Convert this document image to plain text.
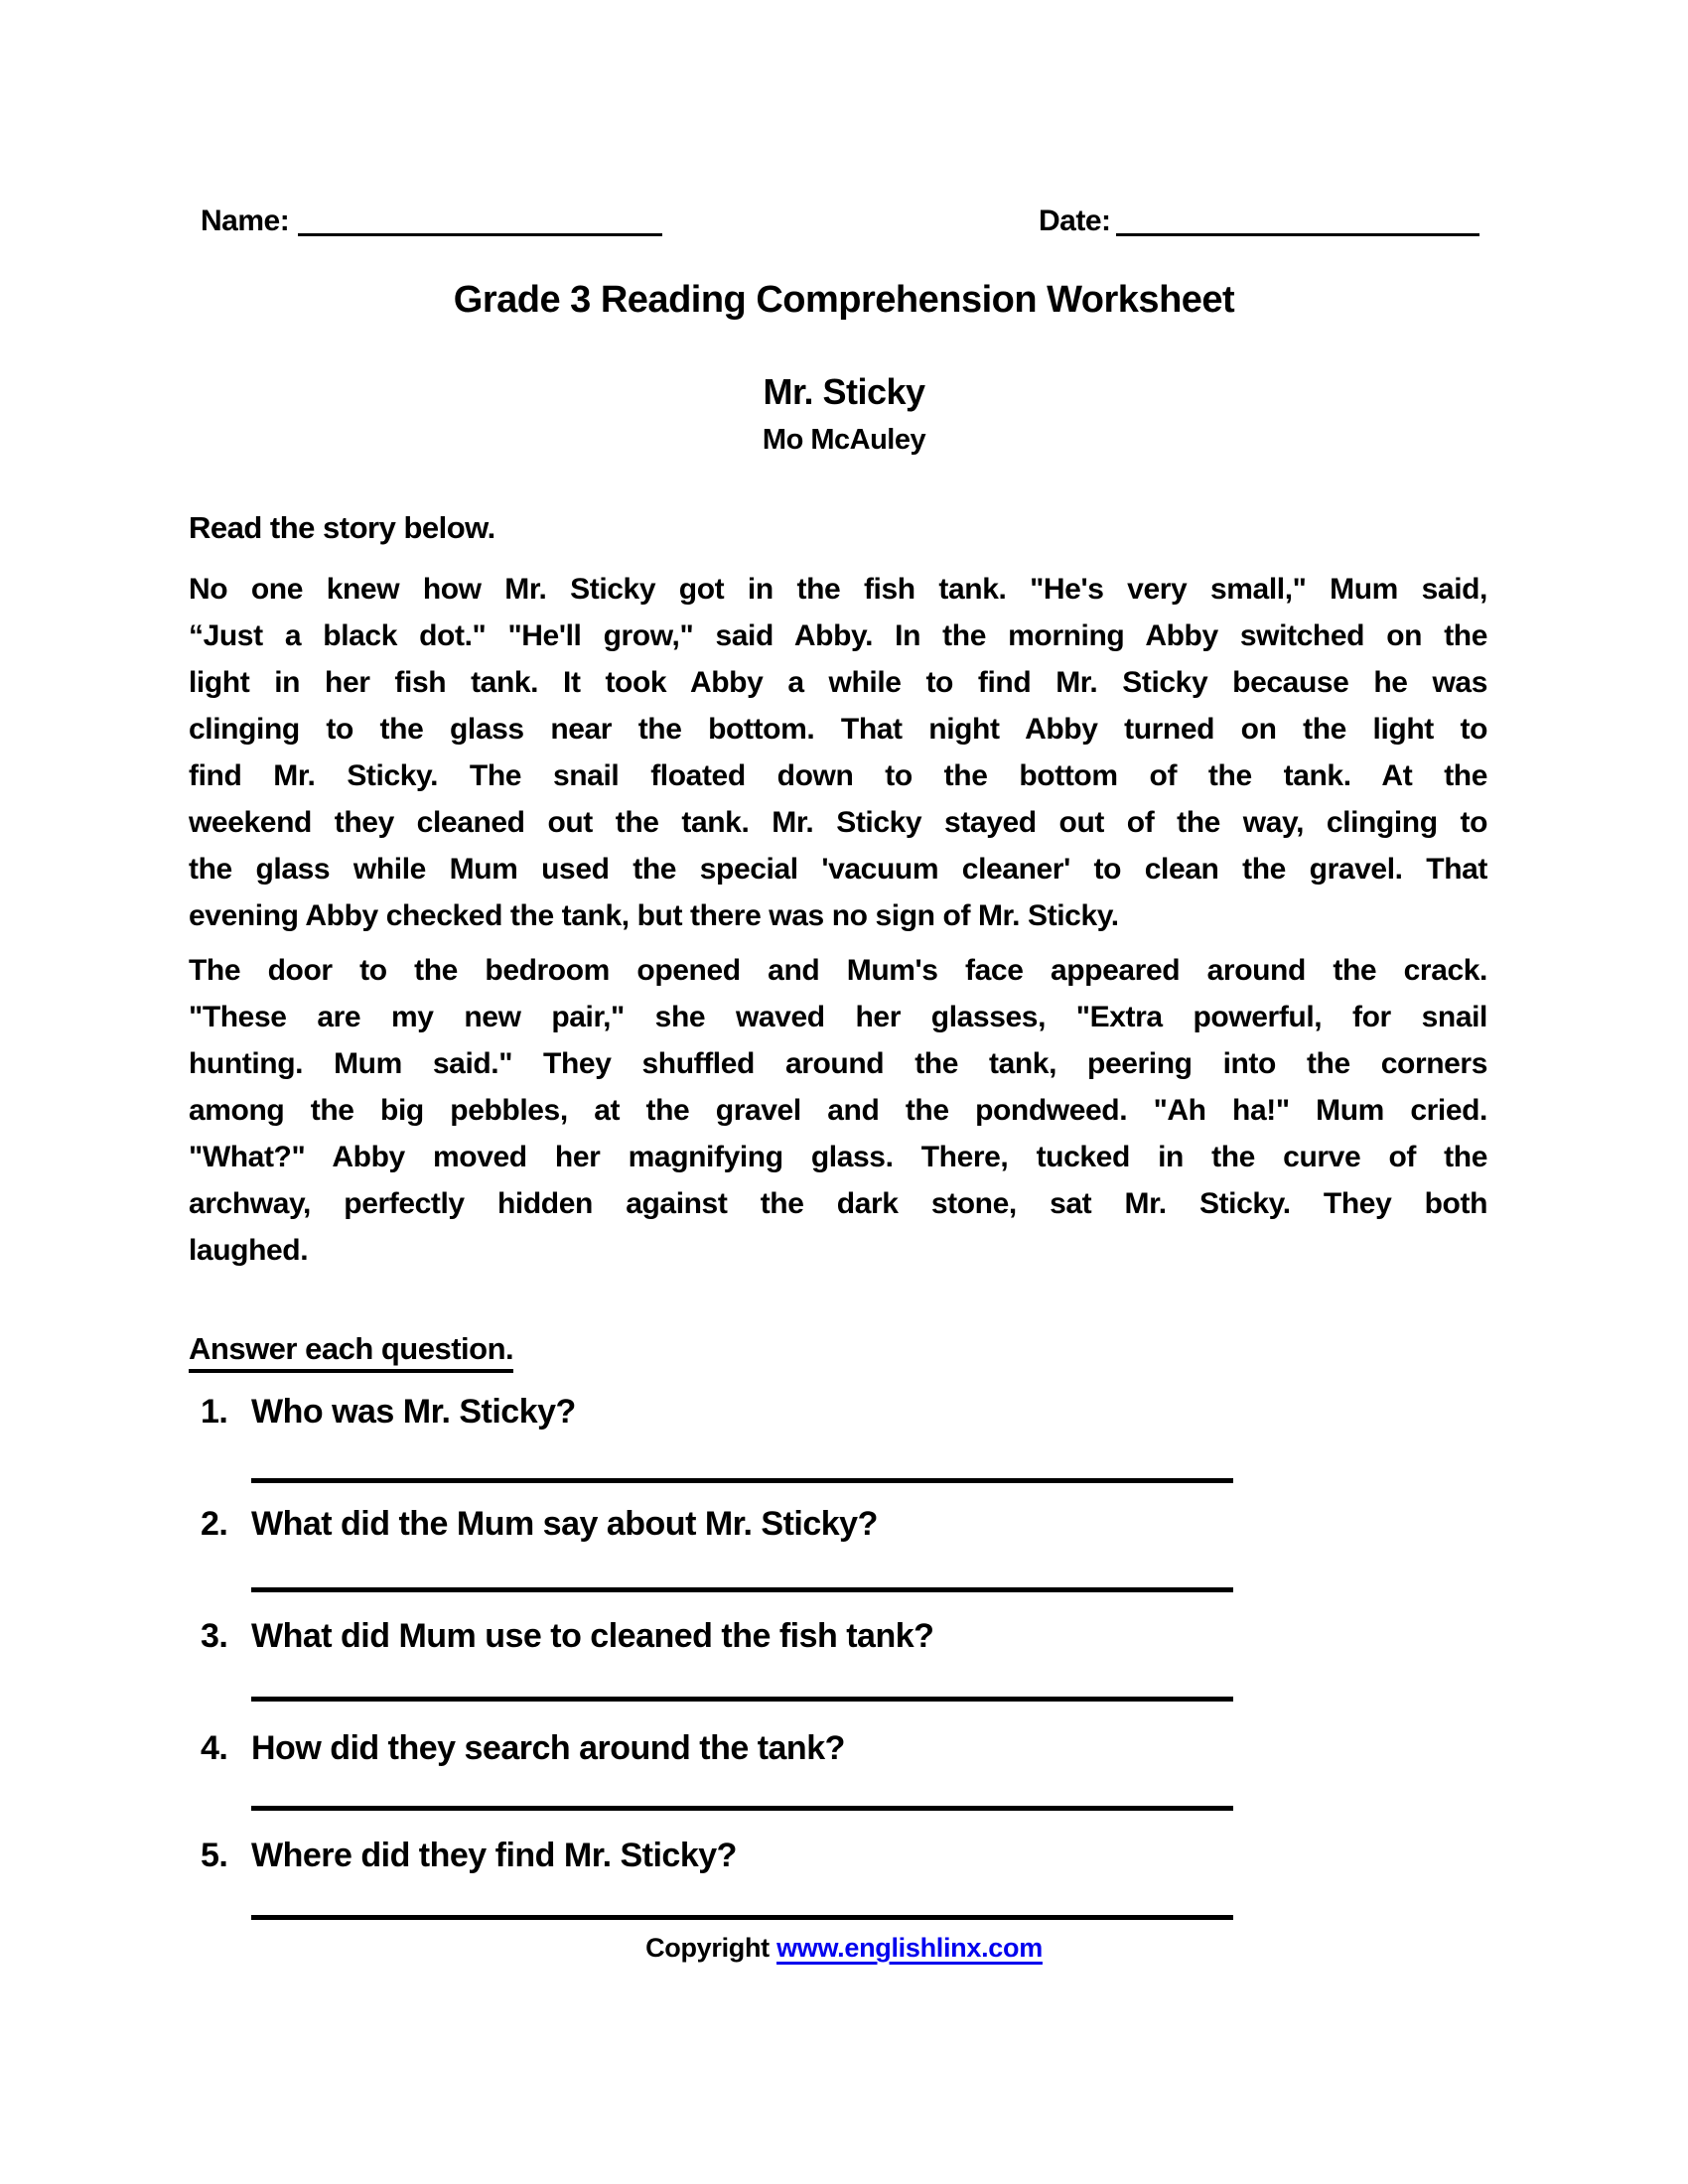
Name:	Date:
Grade 3 Reading Comprehension Worksheet
Mr. Sticky
Mo McAuley
Read the story below.
No one knew how Mr. Sticky got in the fish tank. "He's very small," Mum said,
“Just a black dot." "He'll grow," said Abby. In the morning Abby switched on the
light in her fish tank. It took Abby a while to find Mr. Sticky because he was
clinging to the glass near the bottom. That night Abby turned on the light to
find Mr. Sticky. The snail floated down to the bottom of the tank. At the
weekend they cleaned out the tank. Mr. Sticky stayed out of the way, clinging to
the glass while Mum used the special 'vacuum cleaner' to clean the gravel. That
evening Abby checked the tank, but there was no sign of Mr. Sticky.
The door to the bedroom opened and Mum's face appeared around the crack.
"These are my new pair," she waved her glasses, "Extra powerful, for snail
hunting. Mum said." They shuffled around the tank, peering into the corners
among the big pebbles, at the gravel and the pondweed. "Ah ha!" Mum cried.
"What?" Abby moved her magnifying glass. There, tucked in the curve of the
archway, perfectly hidden against the dark stone, sat Mr. Sticky. They both
laughed.
Answer each question.
1. Who was Mr. Sticky?
2. What did the Mum say about Mr. Sticky?
3. What did Mum use to cleaned the fish tank?
4. How did they search around the tank?
5. Where did they find Mr. Sticky?
Copyright www.englishlinx.com
